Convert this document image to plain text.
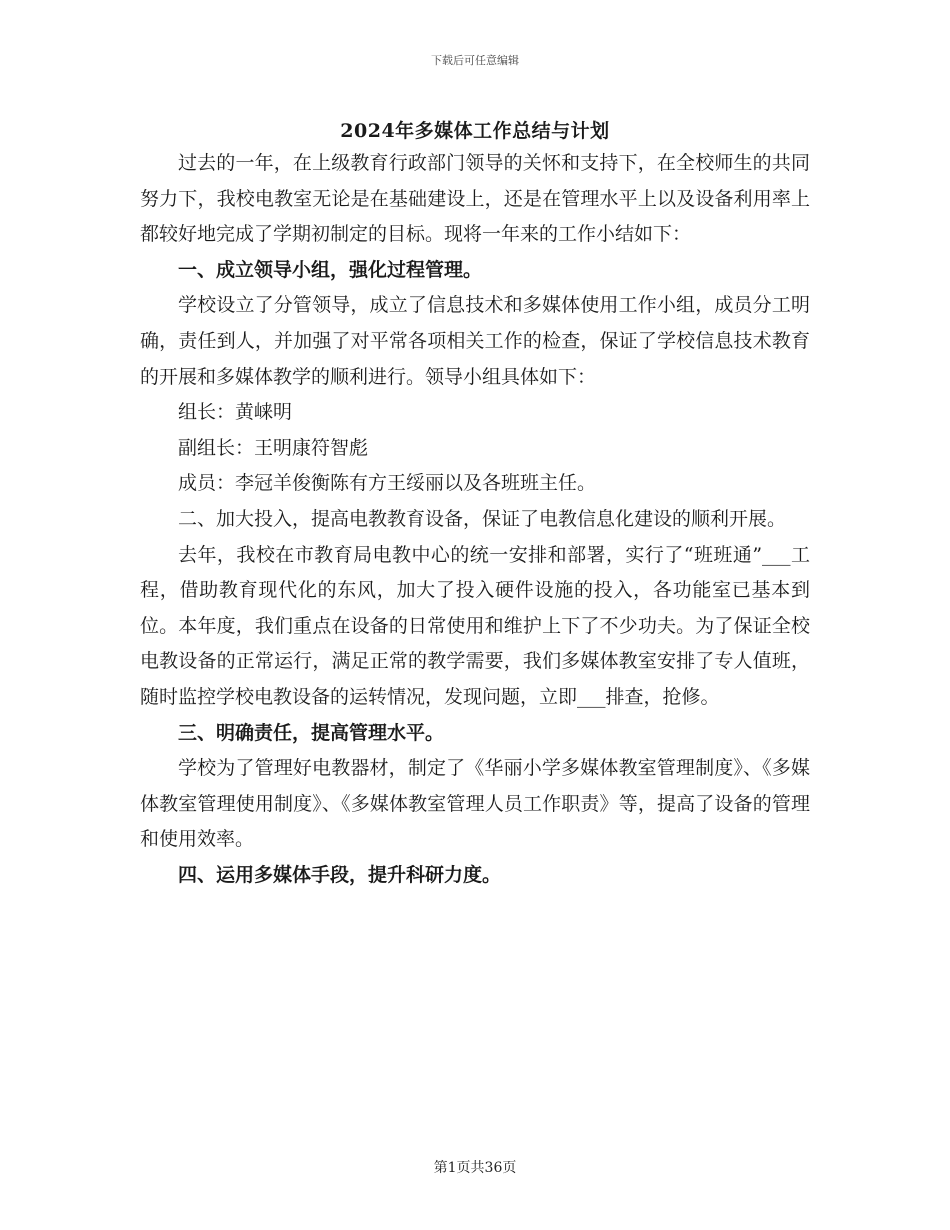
下载后可任意编辑
2024年多媒体工作总结与计划

过去的一年，在上级教育行政部门领导的关怀和支持下，在全校师生的共同努力下，我校电教室无论是在基础建设上，还是在管理水平上以及设备利用率上都较好地完成了学期初制定的目标。现将一年来的工作小结如下：

一、成立领导小组，强化过程管理。

学校设立了分管领导，成立了信息技术和多媒体使用工作小组，成员分工明确，责任到人，并加强了对平常各项相关工作的检查，保证了学校信息技术教育的开展和多媒体教学的顺利进行。领导小组具体如下：

组长：黄崃明

副组长：王明康符智彪

成员：李冠羊俊衡陈有方王绥丽以及各班班主任。

二、加大投入，提高电教教育设备，保证了电教信息化建设的顺利开展。

去年，我校在市教育局电教中心的统一安排和部署，实行了“班班通”___工程，借助教育现代化的东风，加大了投入硬件设施的投入，各功能室已基本到位。本年度，我们重点在设备的日常使用和维护上下了不少功夫。为了保证全校电教设备的正常运行，满足正常的教学需要，我们多媒体教室安排了专人值班，随时监控学校电教设备的运转情况，发现问题，立即___排查，抢修。

三、明确责任，提高管理水平。

学校为了管理好电教器材，制定了《华丽小学多媒体教室管理制度》、《多媒体教室管理使用制度》、《多媒体教室管理人员工作职责》等，提高了设备的管理和使用效率。

四、运用多媒体手段，提升科研力度。

第1页共36页
